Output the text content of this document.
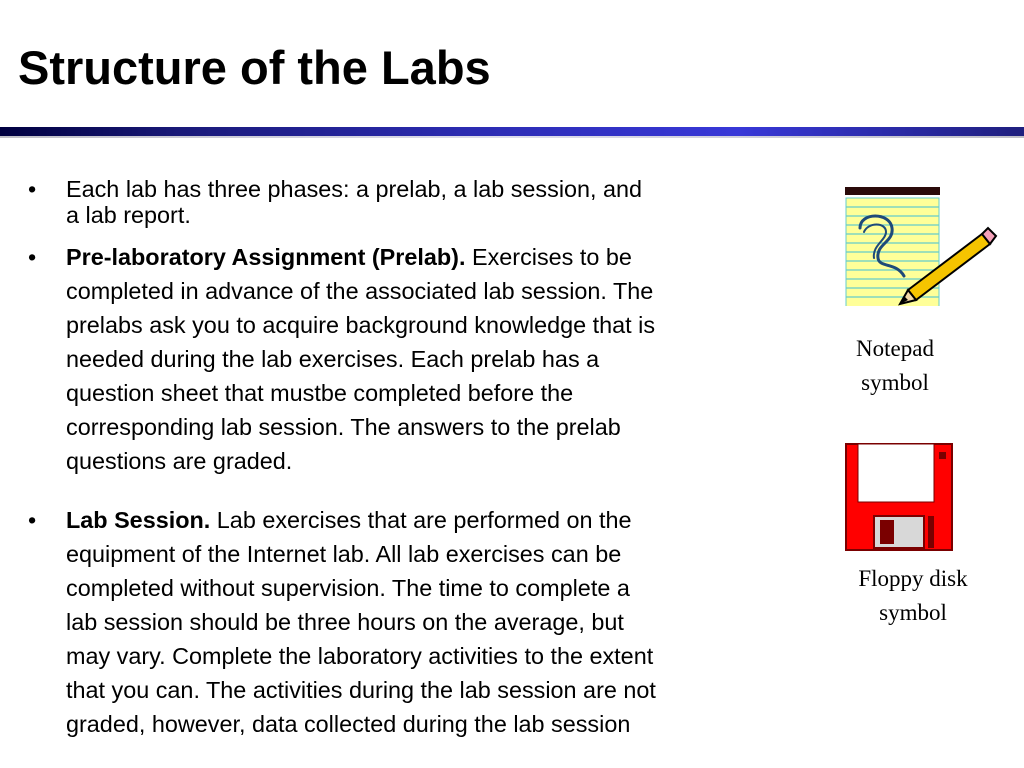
Structure of the Labs
• Each lab has three phases: a prelab, a lab session, and
a lab report.
• Pre-laboratory Assignment (Prelab). Exercises to be
completed in advance of the associated lab session. The
prelabs ask you to acquire background knowledge that is
needed during the lab exercises. Each prelab has a
question sheet that mustbe completed before the
corresponding lab session. The answers to the prelab
questions are graded.
• Lab Session. Lab exercises that are performed on the
equipment of the Internet lab. All lab exercises can be
completed without supervision. The time to complete a
lab session should be three hours on the average, but
may vary. Complete the laboratory activities to the extent
that you can. The activities during the lab session are not
graded, however, data collected during the lab session
Notepad
symbol
Floppy disk
symbol
